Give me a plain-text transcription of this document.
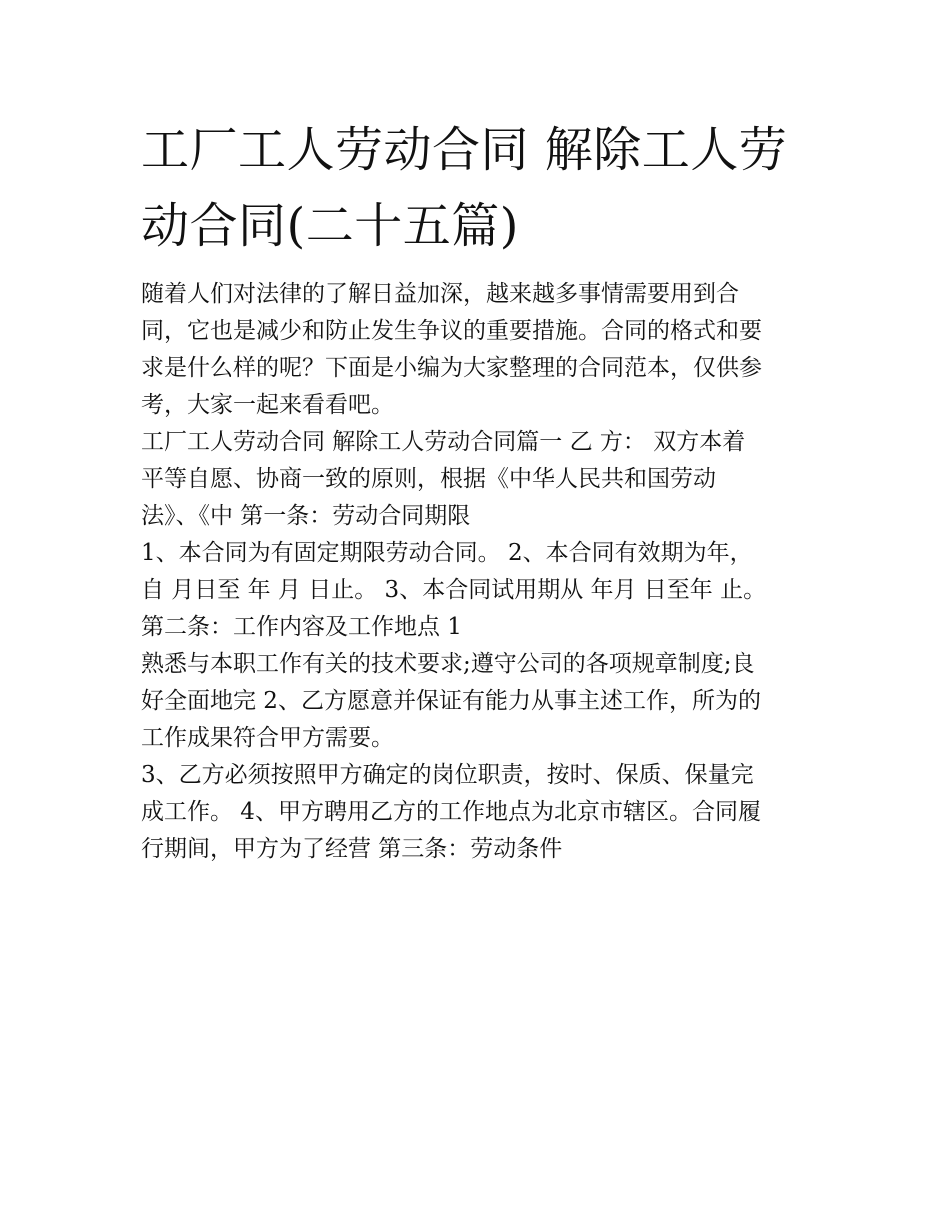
工厂工人劳动合同 解除工人劳
动合同(二十五篇)

随着人们对法律的了解日益加深，越来越多事情需要用到合
同，它也是减少和防止发生争议的重要措施。合同的格式和要
求是什么样的呢？下面是小编为大家整理的合同范本，仅供参
考，大家一起来看看吧。

工厂工人劳动合同 解除工人劳动合同篇一 乙 方： 双方本着
平等自愿、协商一致的原则，根据《中华人民共和国劳动
法》、《中 第一条：劳动合同期限

1、本合同为有固定期限劳动合同。 2、本合同有效期为年，
自 月日至 年 月 日止。 3、本合同试用期从 年月 日至年 止。

第二条：工作内容及工作地点 1

熟悉与本职工作有关的技术要求;遵守公司的各项规章制度;良
好全面地完 2、乙方愿意并保证有能力从事主述工作，所为的
工作成果符合甲方需要。

3、乙方必须按照甲方确定的岗位职责，按时、保质、保量完
成工作。 4、甲方聘用乙方的工作地点为北京市辖区。合同履
行期间，甲方为了经营 第三条：劳动条件
